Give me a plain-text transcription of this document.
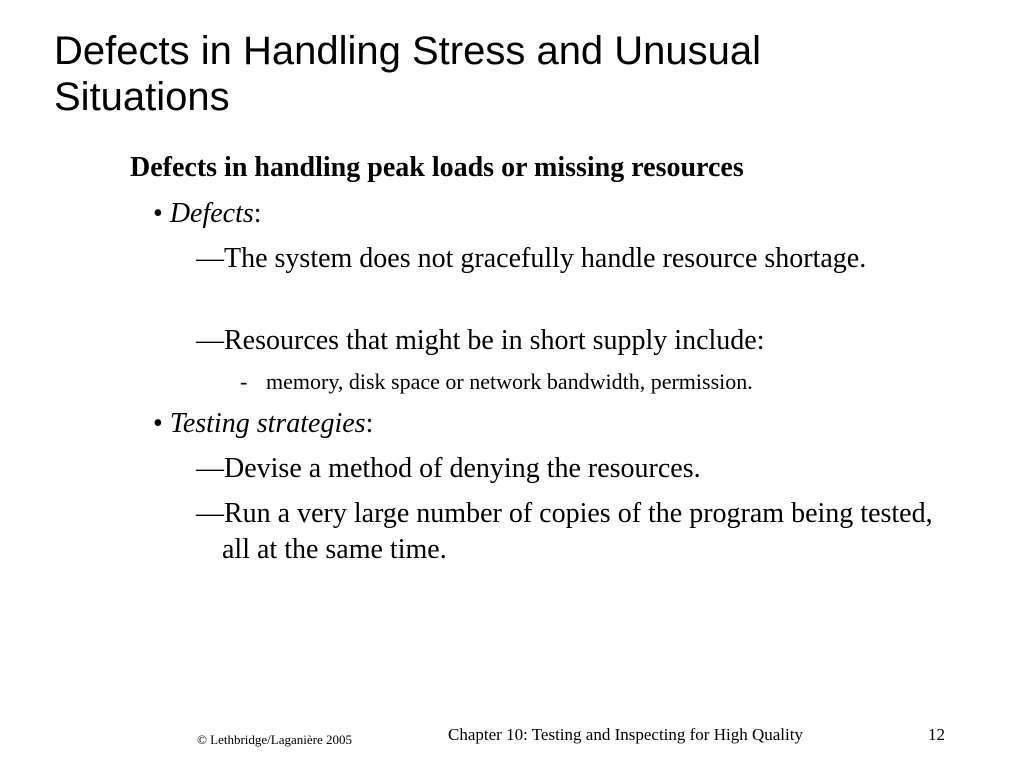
Defects in Handling Stress and Unusual
Situations
Defects in handling peak loads or missing resources
• Defects:
—The system does not gracefully handle resource shortage.
—Resources that might be in short supply include:
- memory, disk space or network bandwidth, permission.
• Testing strategies:
—Devise a method of denying the resources.
—Run a very large number of copies of the program being tested, all at the same time.
© Lethbridge/Laganière 2005	Chapter 10: Testing and Inspecting for High Quality	12
